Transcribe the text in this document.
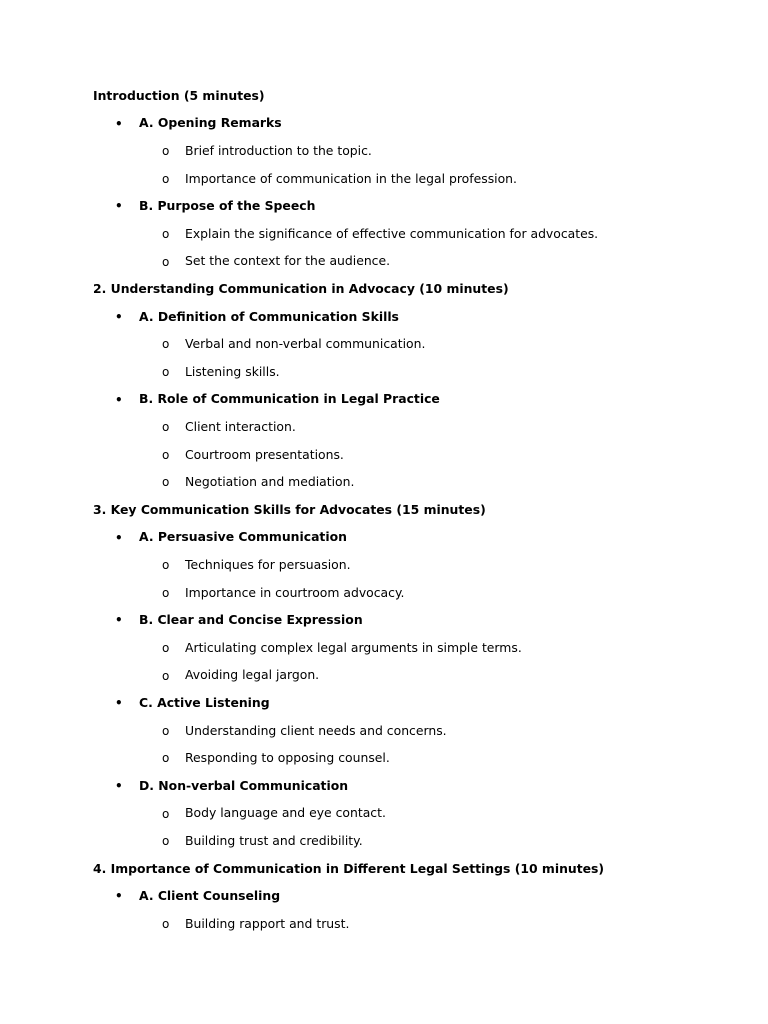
Introduction (5 minutes)
•	A. Opening Remarks
o	Brief introduction to the topic.
o	Importance of communication in the legal profession.
•	B. Purpose of the Speech
o	Explain the significance of effective communication for advocates.
o	Set the context for the audience.
2. Understanding Communication in Advocacy (10 minutes)
•	A. Definition of Communication Skills
o	Verbal and non-verbal communication.
o	Listening skills.
•	B. Role of Communication in Legal Practice
o	Client interaction.
o	Courtroom presentations.
o	Negotiation and mediation.
3. Key Communication Skills for Advocates (15 minutes)
•	A. Persuasive Communication
o	Techniques for persuasion.
o	Importance in courtroom advocacy.
•	B. Clear and Concise Expression
o	Articulating complex legal arguments in simple terms.
o	Avoiding legal jargon.
•	C. Active Listening
o	Understanding client needs and concerns.
o	Responding to opposing counsel.
•	D. Non-verbal Communication
o	Body language and eye contact.
o	Building trust and credibility.
4. Importance of Communication in Different Legal Settings (10 minutes)
•	A. Client Counseling
o	Building rapport and trust.
